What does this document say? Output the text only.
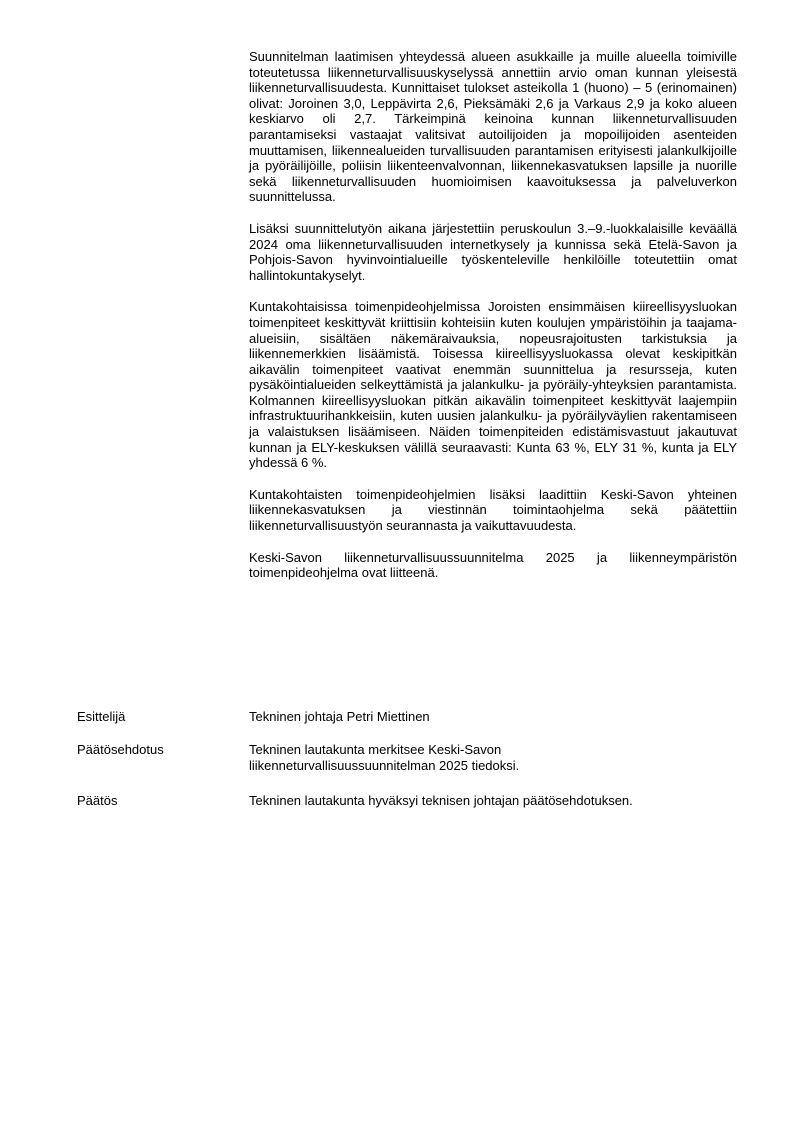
Suunnitelman laatimisen yhteydessä alueen asukkaille ja muille alueella toimiville toteutetussa liikenneturvallisuuskyselyssä annettiin arvio oman kunnan yleisestä liikenneturvallisuudesta. Kunnittaiset tulokset asteikolla 1 (huono) – 5 (erinomainen) olivat: Joroinen 3,0, Leppävirta 2,6, Pieksämäki 2,6 ja Varkaus 2,9 ja koko alueen keskiarvo oli 2,7. Tärkeimpinä keinoina kunnan liikenneturvallisuuden parantamiseksi vastaajat valitsivat autoilijoiden ja mopoilijoiden asenteiden muuttamisen, liikennealueiden turvallisuuden parantamisen erityisesti jalankulkijoille ja pyöräilijöille, poliisin liikenteenvalvonnan, liikennekasvatuksen lapsille ja nuorille sekä liikenneturvallisuuden huomioimisen kaavoituksessa ja palveluverkon suunnittelussa.

Lisäksi suunnittelutyön aikana järjestettiin peruskoulun 3.–9.-luokkalaisille keväällä 2024 oma liikenneturvallisuuden internetkysely ja kunnissa sekä Etelä-Savon ja Pohjois-Savon hyvinvointialueille työskenteleville henkilöille toteutettiin omat hallintokuntakyselyt.

Kuntakohtaisissa toimenpideohjelmissa Joroisten ensimmäisen kiireellisyysluokan toimenpiteet keskittyvät kriittisiin kohteisiin kuten koulujen ympäristöihin ja taajama-alueisiin, sisältäen näkemäraivauksia, nopeusrajoitusten tarkistuksia ja liikennemerkkien lisäämistä. Toisessa kiireellisyysluokassa olevat keskipitkän aikavälin toimenpiteet vaativat enemmän suunnittelua ja resursseja, kuten pysäköintialueiden selkeyttämistä ja jalankulku- ja pyöräily-yhteyksien parantamista. Kolmannen kiireellisyysluokan pitkän aikavälin toimenpiteet keskittyvät laajempiin infrastruktuurihankkeisiin, kuten uusien jalankulku- ja pyöräilyväylien rakentamiseen ja valaistuksen lisäämiseen. Näiden toimenpiteiden edistämisvastuut jakautuvat kunnan ja ELY-keskuksen välillä seuraavasti: Kunta 63 %, ELY 31 %, kunta ja ELY yhdessä 6 %.

Kuntakohtaisten toimenpideohjelmien lisäksi laadittiin Keski-Savon yhteinen liikennekasvatuksen ja viestinnän toimintaohjelma sekä päätettiin liikenneturvallisuustyön seurannasta ja vaikuttavuudesta.

Keski-Savon liikenneturvallisuussuunnitelma 2025 ja liikenneympäristön toimenpideohjelma ovat liitteenä.

Esittelijä	Tekninen johtaja Petri Miettinen
Päätösehdotus	Tekninen lautakunta merkitsee Keski-Savon liikenneturvallisuussuunnitelman 2025 tiedoksi.
Päätös	Tekninen lautakunta hyväksyi teknisen johtajan päätösehdotuksen.
